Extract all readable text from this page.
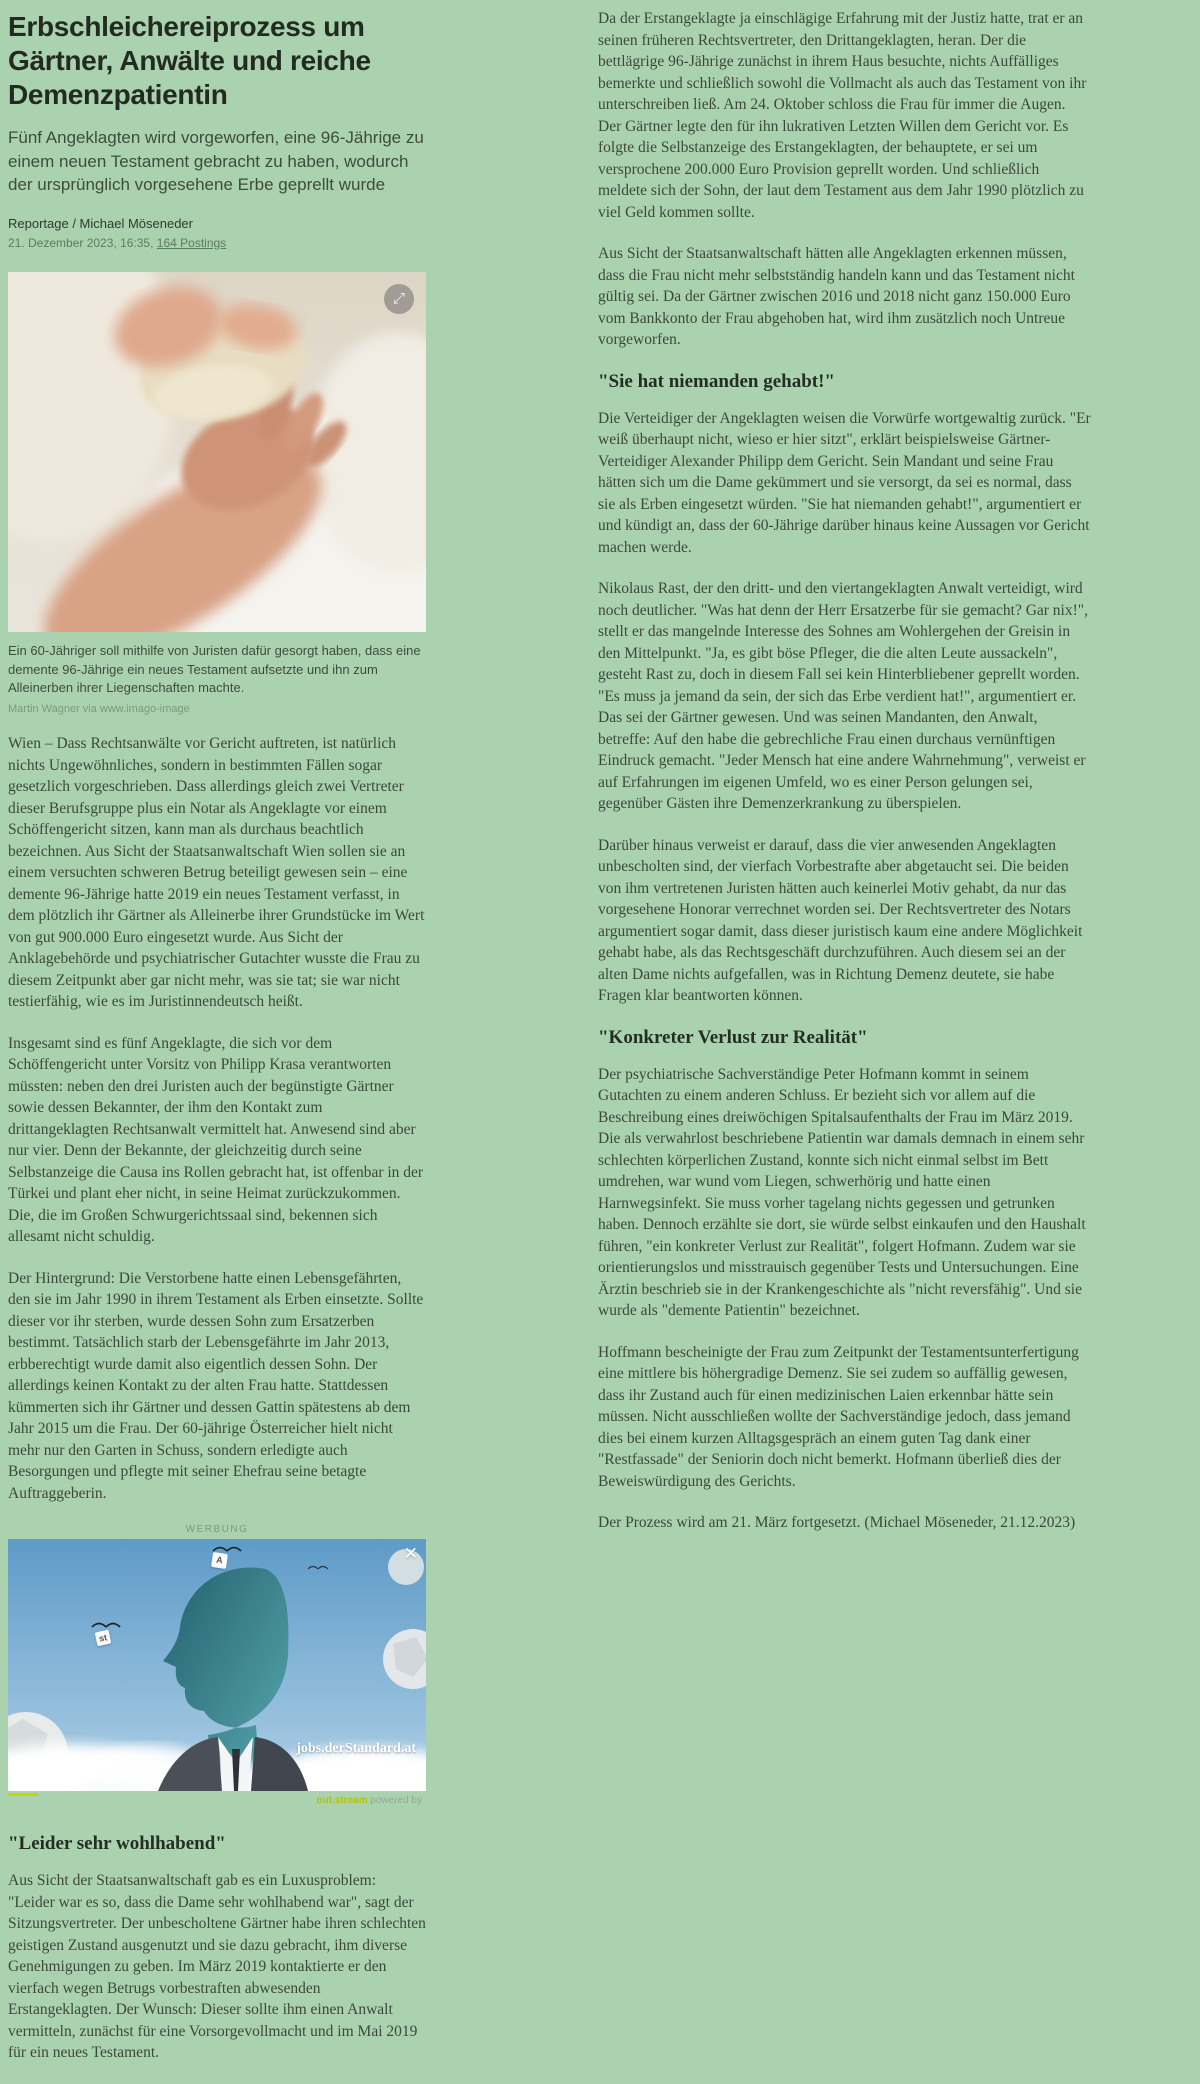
Erbschleichereiprozess um Gärtner, Anwälte und reiche Demenzpatientin

Fünf Angeklagten wird vorgeworfen, eine 96-Jährige zu einem neuen Testament gebracht zu haben, wodurch der ursprünglich vorgesehene Erbe geprellt wurde

Reportage / Michael Möseneder
21. Dezember 2023, 16:35, 164 Postings
⤢
Ein 60-Jähriger soll mithilfe von Juristen dafür gesorgt haben, dass eine demente 96-Jährige ein neues Testament aufsetzte und ihn zum Alleinerben ihrer Liegenschaften machte.
Martin Wagner via www.imago-image

Wien – Dass Rechtsanwälte vor Gericht auftreten, ist natürlich nichts Ungewöhnliches, sondern in bestimmten Fällen sogar gesetzlich vorgeschrieben. Dass allerdings gleich zwei Vertreter dieser Berufsgruppe plus ein Notar als Angeklagte vor einem Schöffengericht sitzen, kann man als durchaus beachtlich bezeichnen. Aus Sicht der Staatsanwaltschaft Wien sollen sie an einem versuchten schweren Betrug beteiligt gewesen sein – eine demente 96-Jährige hatte 2019 ein neues Testament verfasst, in dem plötzlich ihr Gärtner als Alleinerbe ihrer Grundstücke im Wert von gut 900.000 Euro eingesetzt wurde. Aus Sicht der Anklagebehörde und psychiatrischer Gutachter wusste die Frau zu diesem Zeitpunkt aber gar nicht mehr, was sie tat; sie war nicht testierfähig, wie es im Juristinnendeutsch heißt.

Insgesamt sind es fünf Angeklagte, die sich vor dem Schöffengericht unter Vorsitz von Philipp Krasa verantworten müssten: neben den drei Juristen auch der begünstigte Gärtner sowie dessen Bekannter, der ihm den Kontakt zum drittangeklagten Rechtsanwalt vermittelt hat. Anwesend sind aber nur vier. Denn der Bekannte, der gleichzeitig durch seine Selbstanzeige die Causa ins Rollen gebracht hat, ist offenbar in der Türkei und plant eher nicht, in seine Heimat zurückzukommen. Die, die im Großen Schwurgerichtssaal sind, bekennen sich allesamt nicht schuldig.

Der Hintergrund: Die Verstorbene hatte einen Lebensgefährten, den sie im Jahr 1990 in ihrem Testament als Erben einsetzte. Sollte dieser vor ihr sterben, wurde dessen Sohn zum Ersatzerben bestimmt. Tatsächlich starb der Lebensgefährte im Jahr 2013, erbberechtigt wurde damit also eigentlich dessen Sohn. Der allerdings keinen Kontakt zu der alten Frau hatte. Stattdessen kümmerten sich ihr Gärtner und dessen Gattin spätestens ab dem Jahr 2015 um die Frau. Der 60-jährige Österreicher hielt nicht mehr nur den Garten in Schuss, sondern erledigte auch Besorgungen und pflegte mit seiner Ehefrau seine betagte Auftraggeberin.

WERBUNG
A
st
jobs.derStandard.at
✕
out.stream powered by
"Leider sehr wohlhabend"

Aus Sicht der Staatsanwaltschaft gab es ein Luxusproblem: "Leider war es so, dass die Dame sehr wohlhabend war", sagt der Sitzungsvertreter. Der unbescholtene Gärtner habe ihren schlechten geistigen Zustand ausgenutzt und sie dazu gebracht, ihm diverse Genehmigungen zu geben. Im März 2019 kontaktierte er den vierfach wegen Betrugs vorbestraften abwesenden Erstangeklagten. Der Wunsch: Dieser sollte ihm einen Anwalt vermitteln, zunächst für eine Vorsorgevollmacht und im Mai 2019 für ein neues Testament.

Da der Erstangeklagte ja einschlägige Erfahrung mit der Justiz hatte, trat er an seinen früheren Rechtsvertreter, den Drittangeklagten, heran. Der die bettlägrige 96-Jährige zunächst in ihrem Haus besuchte, nichts Auffälliges bemerkte und schließlich sowohl die Vollmacht als auch das Testament von ihr unterschreiben ließ. Am 24. Oktober schloss die Frau für immer die Augen. Der Gärtner legte den für ihn lukrativen Letzten Willen dem Gericht vor. Es folgte die Selbstanzeige des Erstangeklagten, der behauptete, er sei um versprochene 200.000 Euro Provision geprellt worden. Und schließlich meldete sich der Sohn, der laut dem Testament aus dem Jahr 1990 plötzlich zu viel Geld kommen sollte.

Aus Sicht der Staatsanwaltschaft hätten alle Angeklagten erkennen müssen, dass die Frau nicht mehr selbstständig handeln kann und das Testament nicht gültig sei. Da der Gärtner zwischen 2016 und 2018 nicht ganz 150.000 Euro vom Bankkonto der Frau abgehoben hat, wird ihm zusätzlich noch Untreue vorgeworfen.

"Sie hat niemanden gehabt!"

Die Verteidiger der Angeklagten weisen die Vorwürfe wortgewaltig zurück. "Er weiß überhaupt nicht, wieso er hier sitzt", erklärt beispielsweise Gärtner-Verteidiger Alexander Philipp dem Gericht. Sein Mandant und seine Frau hätten sich um die Dame gekümmert und sie versorgt, da sei es normal, dass sie als Erben eingesetzt würden. "Sie hat niemanden gehabt!", argumentiert er und kündigt an, dass der 60-Jährige darüber hinaus keine Aussagen vor Gericht machen werde.

Nikolaus Rast, der den dritt- und den viertangeklagten Anwalt verteidigt, wird noch deutlicher. "Was hat denn der Herr Ersatzerbe für sie gemacht? Gar nix!", stellt er das mangelnde Interesse des Sohnes am Wohlergehen der Greisin in den Mittelpunkt. "Ja, es gibt böse Pfleger, die die alten Leute aussackeln", gesteht Rast zu, doch in diesem Fall sei kein Hinterbliebener geprellt worden. "Es muss ja jemand da sein, der sich das Erbe verdient hat!", argumentiert er. Das sei der Gärtner gewesen. Und was seinen Mandanten, den Anwalt, betreffe: Auf den habe die gebrechliche Frau einen durchaus vernünftigen Eindruck gemacht. "Jeder Mensch hat eine andere Wahrnehmung", verweist er auf Erfahrungen im eigenen Umfeld, wo es einer Person gelungen sei, gegenüber Gästen ihre Demenzerkrankung zu überspielen.

Darüber hinaus verweist er darauf, dass die vier anwesenden Angeklagten unbescholten sind, der vierfach Vorbestrafte aber abgetaucht sei. Die beiden von ihm vertretenen Juristen hätten auch keinerlei Motiv gehabt, da nur das vorgesehene Honorar verrechnet worden sei. Der Rechtsvertreter des Notars argumentiert sogar damit, dass dieser juristisch kaum eine andere Möglichkeit gehabt habe, als das Rechtsgeschäft durchzuführen. Auch diesem sei an der alten Dame nichts aufgefallen, was in Richtung Demenz deutete, sie habe Fragen klar beantworten können.

"Konkreter Verlust zur Realität"

Der psychiatrische Sachverständige Peter Hofmann kommt in seinem Gutachten zu einem anderen Schluss. Er bezieht sich vor allem auf die Beschreibung eines dreiwöchigen Spitalsaufenthalts der Frau im März 2019. Die als verwahrlost beschriebene Patientin war damals demnach in einem sehr schlechten körperlichen Zustand, konnte sich nicht einmal selbst im Bett umdrehen, war wund vom Liegen, schwerhörig und hatte einen Harnwegsinfekt. Sie muss vorher tagelang nichts gegessen und getrunken haben. Dennoch erzählte sie dort, sie würde selbst einkaufen und den Haushalt führen, "ein konkreter Verlust zur Realität", folgert Hofmann. Zudem war sie orientierungslos und misstrauisch gegenüber Tests und Untersuchungen. Eine Ärztin beschrieb sie in der Krankengeschichte als "nicht reversfähig". Und sie wurde als "demente Patientin" bezeichnet.

Hoffmann bescheinigte der Frau zum Zeitpunkt der Testamentsunterfertigung eine mittlere bis höhergradige Demenz. Sie sei zudem so auffällig gewesen, dass ihr Zustand auch für einen medizinischen Laien erkennbar hätte sein müssen. Nicht ausschließen wollte der Sachverständige jedoch, dass jemand dies bei einem kurzen Alltagsgespräch an einem guten Tag dank einer "Restfassade" der Seniorin doch nicht bemerkt. Hofmann überließ dies der Beweiswürdigung des Gerichts.

Der Prozess wird am 21. März fortgesetzt. (Michael Möseneder, 21.12.2023)
